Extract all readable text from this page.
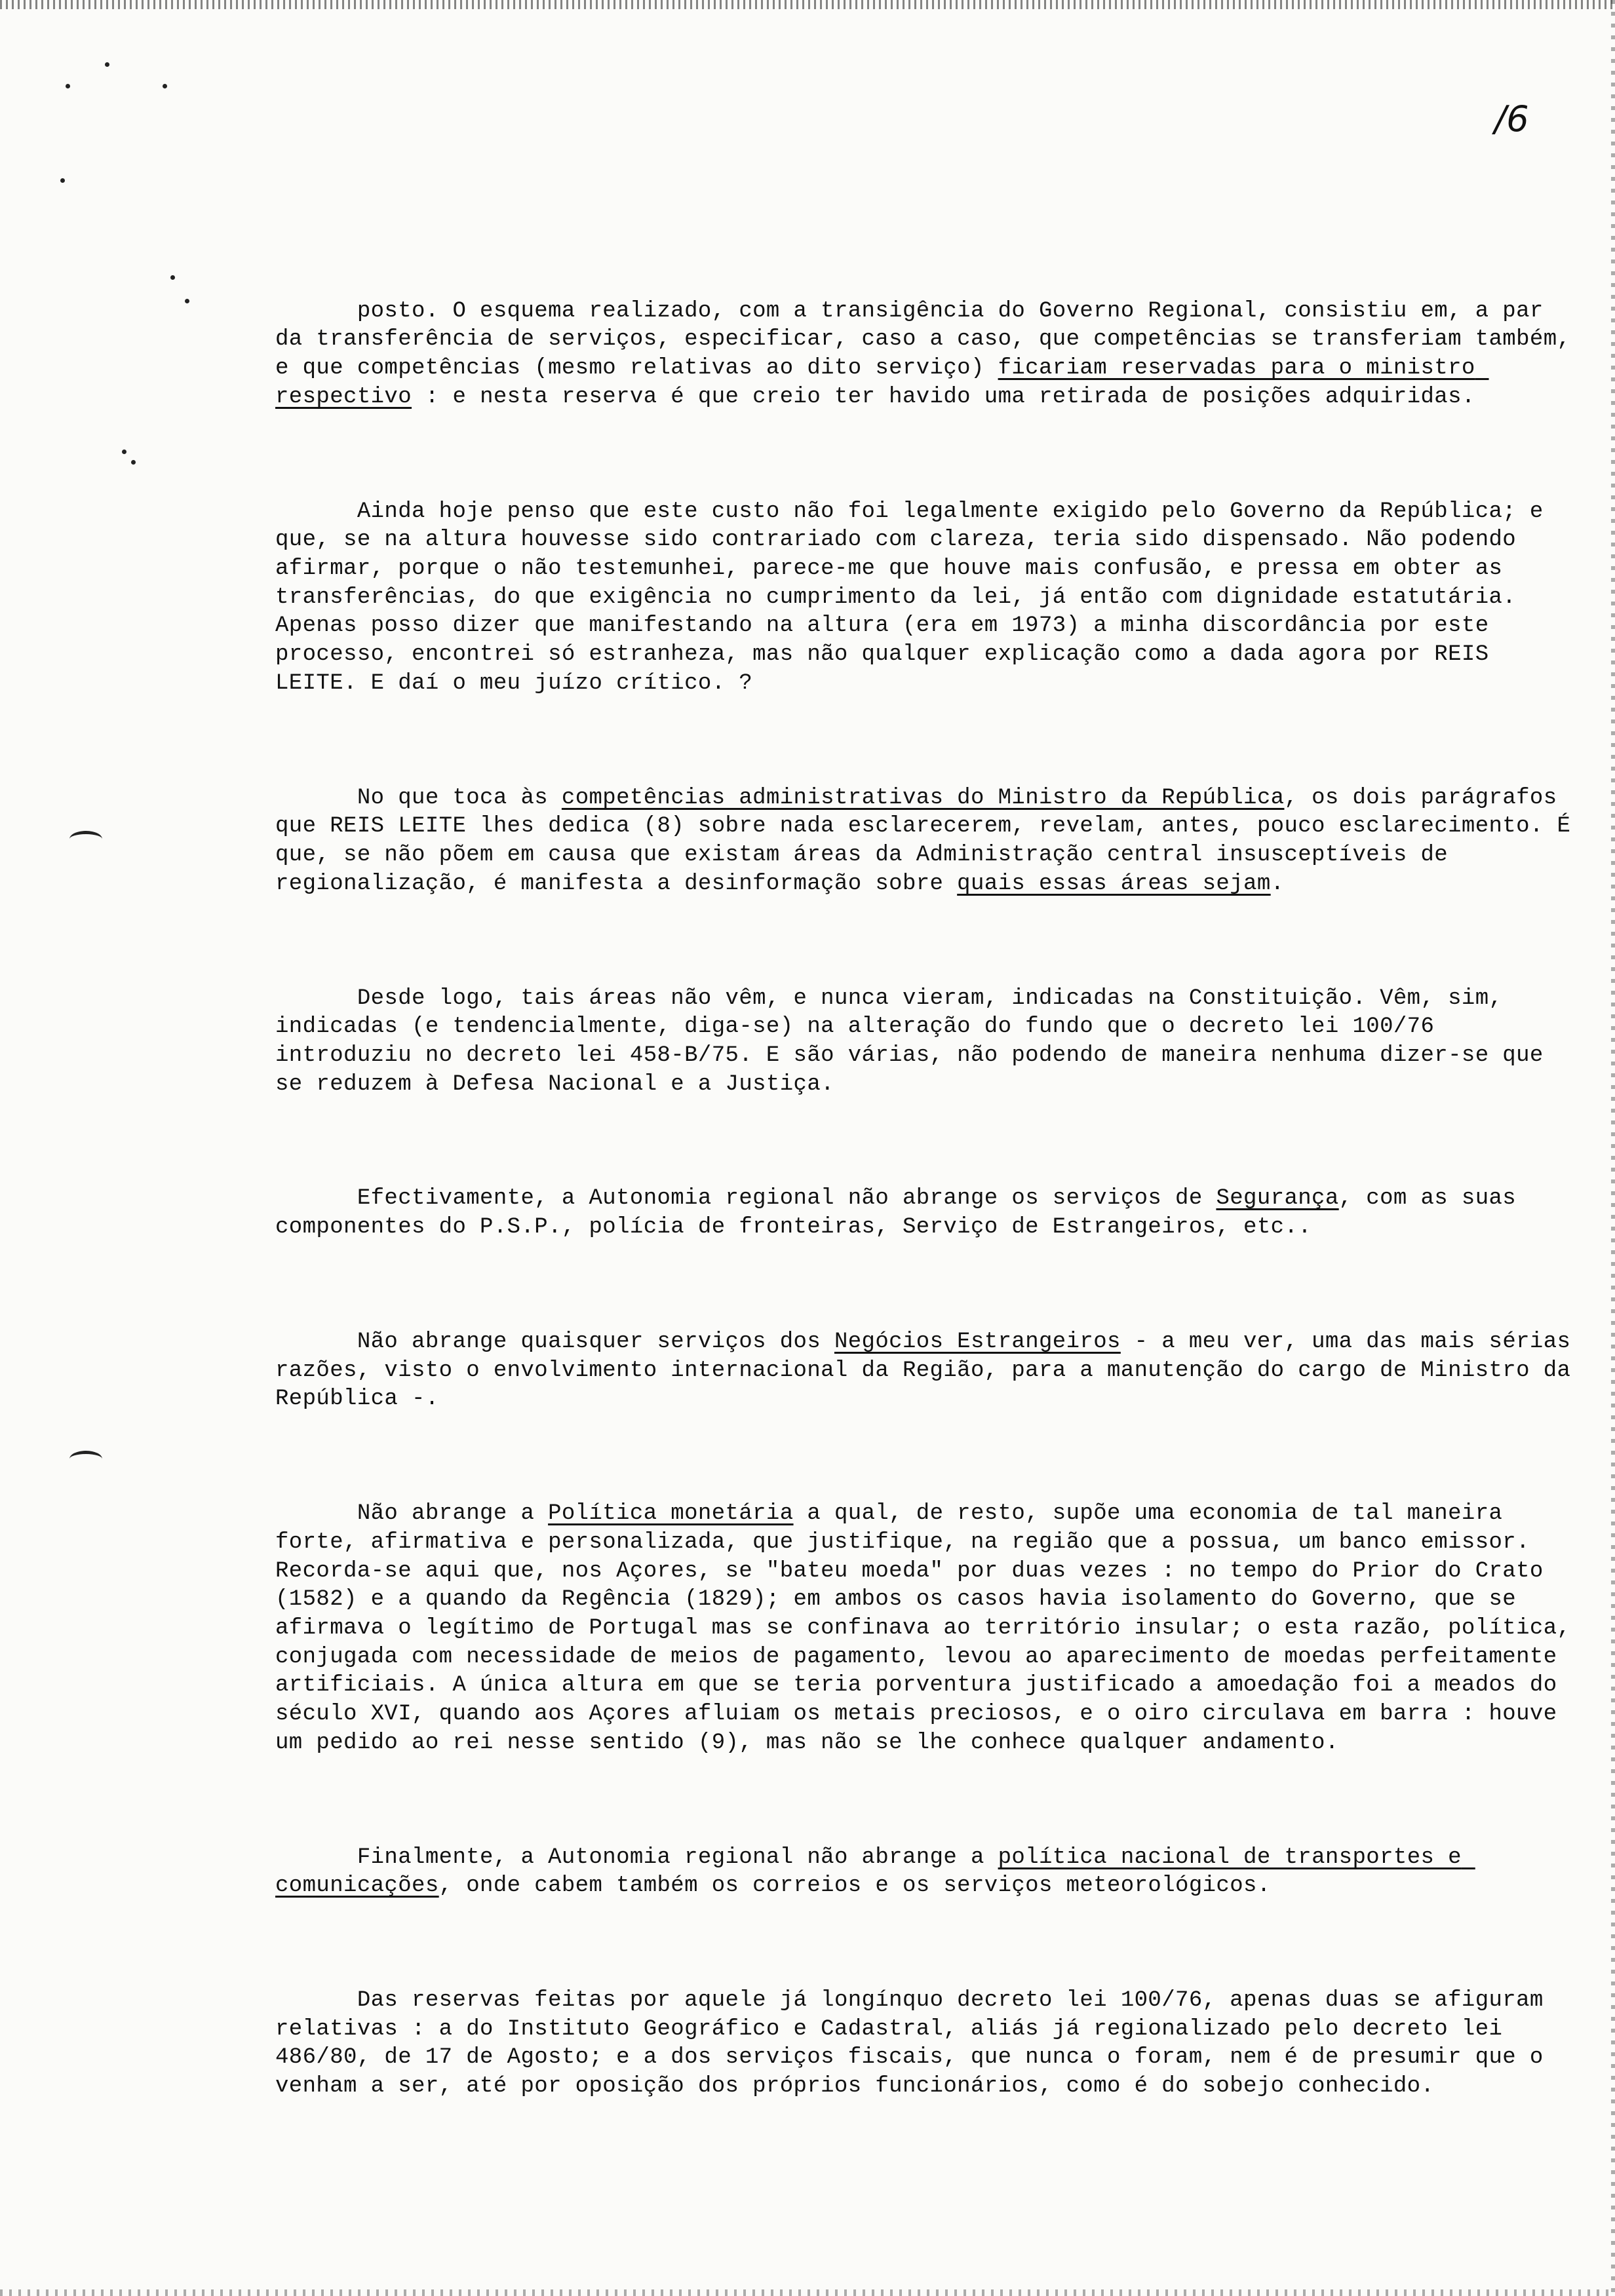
/6

posto. O esquema realizado, com a transigência do Governo Regional, consistiu em, a par da transferência de serviços, especificar, caso a caso, que competências se transferiam também, e que competências (mesmo relativas ao dito serviço) ficariam reservadas para o ministro respectivo : e nesta reserva é que creio ter havido uma retirada de posições adquiridas.

Ainda hoje penso que este custo não foi legalmente exigido pelo Governo da República; e que, se na altura houvesse sido contrariado com clareza, teria sido dispensado. Não podendo afirmar, porque o não testemunhei, parece-me que houve mais confusão, e pressa em obter as transferências, do que exigência no cumprimento da lei, já então com dignidade estatutária. Apenas posso dizer que manifestando na altura (era em 1973) a minha discordância por este processo, encontrei só estranheza, mas não qualquer explicação como a dada agora por REIS LEITE. E daí o meu juízo crítico. ?

No que toca às competências administrativas do Ministro da República, os dois parágrafos que REIS LEITE lhes dedica (8) sobre nada esclarecerem, revelam, antes, pouco esclarecimento. É que, se não põem em causa que existam áreas da Administração central insusceptíveis de regionalização, é manifesta a desinformação sobre quais essas áreas sejam.

Desde logo, tais áreas não vêm, e nunca vieram, indicadas na Constituição. Vêm, sim, indicadas (e tendencialmente, diga-se) na alteração do fundo que o decreto lei 100/76 introduziu no decreto lei 458-B/75. E são várias, não podendo de maneira nenhuma dizer-se que se reduzem à Defesa Nacional e a Justiça.

Efectivamente, a Autonomia regional não abrange os serviços de Segurança, com as suas componentes do P.S.P., polícia de fronteiras, Serviço de Estrangeiros, etc..

Não abrange quaisquer serviços dos Negócios Estrangeiros - a meu ver, uma das mais sérias razões, visto o envolvimento internacional da Região, para a manutenção do cargo de Ministro da República -.

Não abrange a Política monetária a qual, de resto, supõe uma economia de tal maneira forte, afirmativa e personalizada, que justifique, na região que a possua, um banco emissor. Recorda-se aqui que, nos Açores, se "bateu moeda" por duas vezes : no tempo do Prior do Crato (1582) e a quando da Regência (1829); em ambos os casos havia isolamento do Governo, que se afirmava o legítimo de Portugal mas se confinava ao território insular; o esta razão, política, conjugada com necessidade de meios de pagamento, levou ao aparecimento de moedas perfeitamente artificiais. A única altura em que se teria porventura justificado a amoedação foi a meados do século XVI, quando aos Açores afluiam os metais preciosos, e o oiro circulava em barra : houve um pedido ao rei nesse sentido (9), mas não se lhe conhece qualquer andamento.

Finalmente, a Autonomia regional não abrange a política nacional de transportes e comunicações, onde cabem também os correios e os serviços meteorológicos.

Das reservas feitas por aquele já longínquo decreto lei 100/76, apenas duas se afiguram relativas : a do Instituto Geográfico e Cadastral, aliás já regionalizado pelo decreto lei 486/80, de 17 de Agosto; e a dos serviços fiscais, que nunca o foram, nem é de presumir que o venham a ser, até por oposição dos próprios funcionários, como é do sobejo conhecido.
